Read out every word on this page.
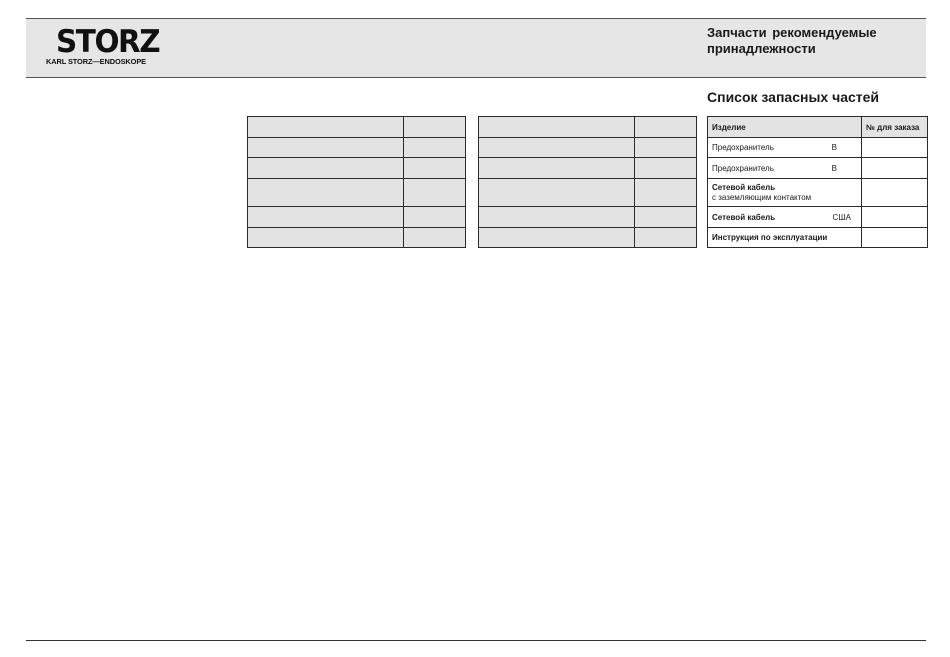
STORZ
KARL STORZ—ENDOSKOPE
Запчасти рекомендуемые
принадлежности
Список запасных частей

Изделие	№ для заказа

Предохранитель В	

Предохранитель В	

Сетевой кабель
с заземляющим контактом	

Сетевой кабель США	

Инструкция по эксплуатации	
